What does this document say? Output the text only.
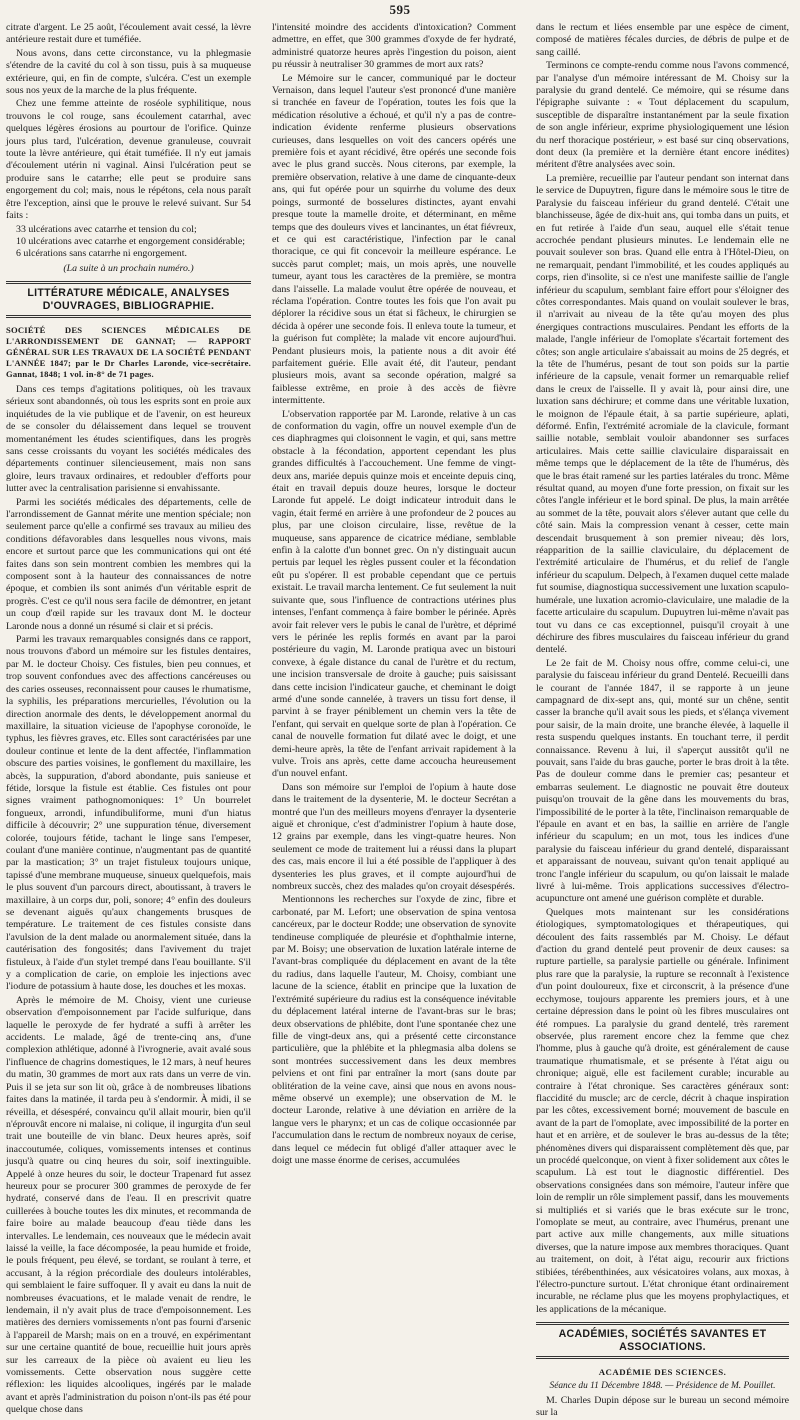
595

citrate d'argent. Le 25 août, l'écoulement avait cessé, la lèvre antérieure restait dure et tuméfiée.

Nous avons, dans cette circonstance, vu la phlegmasie s'étendre de la cavité du col à son tissu, puis à sa muqueuse extérieure, qui, en fin de compte, s'ulcéra. C'est un exemple sous nos yeux de la marche de la plus fréquente.

Chez une femme atteinte de roséole syphilitique, nous trouvons le col rouge, sans écoulement catarrhal, avec quelques légères érosions au pourtour de l'orifice. Quinze jours plus tard, l'ulcération, devenue granuleuse, couvrait toute la lèvre antérieure, qui était tuméfiée. Il n'y eut jamais d'écoulement utérin ni vaginal. Ainsi l'ulcération peut se produire sans le catarrhe; elle peut se produire sans engorgement du col; mais, nous le répétons, cela nous paraît être l'exception, ainsi que le prouve le relevé suivant. Sur 54 faits :

33 ulcérations avec catarrhe et tension du col;
10 ulcérations avec catarrhe et engorgement considérable;
6 ulcérations sans catarrhe ni engorgement.
(La suite à un prochain numéro.)
LITTÉRATURE MÉDICALE, ANALYSES D'OUVRAGES, BIBLIOGRAPHIE.

SOCIÉTÉ DES SCIENCES MÉDICALES DE L'ARRONDISSEMENT DE GANNAT; — RAPPORT GÉNÉRAL SUR LES TRAVAUX DE LA SOCIÉTÉ PENDANT L'ANNÉE 1847; par le Dr Charles Laronde, vice-secrétaire. Gannat, 1848; 1 vol. in-8° de 71 pages.

Dans ces temps d'agitations politiques, où les travaux sérieux sont abandonnés, où tous les esprits sont en proie aux inquiétudes de la vie publique et de l'avenir, on est heureux de se consoler du délaissement dans lequel se trouvent momentanément les études scientifiques, dans les progrès sans cesse croissants du voyant les sociétés médicales des départements continuer silencieusement, mais non sans gloire, leurs travaux ordinaires, et redoubler d'efforts pour lutter avec la centralisation parisienne si envahissante.

Parmi les sociétés médicales des départements, celle de l'arrondissement de Gannat mérite une mention spéciale; non seulement parce qu'elle a confirmé ses travaux au milieu des conditions défavorables dans lesquelles nous vivons, mais encore et surtout parce que les communications qui ont été faites dans son sein montrent combien les membres qui la composent sont à la hauteur des connaissances de notre époque, et combien ils sont animés d'un véritable esprit de progrès. C'est ce qu'il nous sera facile de démontrer, en jetant un coup d'œil rapide sur les travaux dont M. le docteur Laronde nous a donné un résumé si clair et si précis.

Parmi les travaux remarquables consignés dans ce rapport, nous trouvons d'abord un mémoire sur les fistules dentaires, par M. le docteur Choisy. Ces fistules, bien peu connues, et trop souvent confondues avec des affections cancéreuses ou des caries osseuses, reconnaissent pour causes le rhumatisme, la syphilis, les préparations mercurielles, l'évolution ou la direction anormale des dents, le développement anormal du maxillaire, la situation vicieuse de l'apophyse coronoïde, le typhus, les fièvres graves, etc. Elles sont caractérisées par une douleur continue et lente de la dent affectée, l'inflammation obscure des parties voisines, le gonflement du maxillaire, les abcès, la suppuration, d'abord abondante, puis sanieuse et fétide, lorsque la fistule est établie. Ces fistules ont pour signes vraiment pathognomoniques: 1° Un bourrelet fongueux, arrondi, infundibuliforme, muni d'un hiatus difficile à découvrir; 2° une suppuration ténue, diversement colorée, toujours fétide, tachant le linge sans l'empeser, coulant d'une manière continue, n'augmentant pas de quantité par la mastication; 3° un trajet fistuleux toujours unique, tapissé d'une membrane muqueuse, sinueux quelquefois, mais le plus souvent d'un parcours direct, aboutissant, à travers le maxillaire, à un corps dur, poli, sonore; 4° enfin des douleurs se devenant aiguës qu'aux changements brusques de température. Le traitement de ces fistules consiste dans l'avulsion de la dent malade ou anormalement située, dans la cautérisation des fongosités; dans l'avivement du trajet fistuleux, à l'aide d'un stylet trempé dans l'eau bouillante. S'il y a complication de carie, on emploie les injections avec l'iodure de potassium à haute dose, les douches et les moxas.

Après le mémoire de M. Choisy, vient une curieuse observation d'empoisonnement par l'acide sulfurique, dans laquelle le peroxyde de fer hydraté a suffi à arrêter les accidents. Le malade, âgé de trente-cinq ans, d'une complexion athlétique, adonné à l'ivrognerie, avait avalé sous l'influence de chagrins domestiques, le 12 mars, à neuf heures du matin, 30 grammes de mort aux rats dans un verre de vin. Puis il se jeta sur son lit où, grâce à de nombreuses libations faites dans la matinée, il tarda peu à s'endormir. À midi, il se réveilla, et désespéré, convaincu qu'il allait mourir, bien qu'il n'éprouvât encore ni malaise, ni colique, il ingurgita d'un seul trait une bouteille de vin blanc. Deux heures après, soif inaccoutumée, coliques, vomissements intenses et continus jusqu'à quatre ou cinq heures du soir, soif inextinguible. Appelé à onze heures du soir, le docteur Trapenard fut assez heureux pour se procurer 300 grammes de peroxyde de fer hydraté, conservé dans de l'eau. Il en prescrivit quatre cuillerées à bouche toutes les dix minutes, et recommanda de faire boire au malade beaucoup d'eau tiède dans les intervalles. Le lendemain, ces nouveaux que le médecin avait laissé la veille, la face décomposée, la peau humide et froide, le pouls fréquent, peu élevé, se tordant, se roulant à terre, et accusant, à la région précordiale des douleurs intolérables, qui semblaient le faire suffoquer. Il y avait eu dans la nuit de nombreuses évacuations, et le malade venait de rendre, le lendemain, il n'y avait plus de trace d'empoisonnement. Les matières des derniers vomissements n'ont pas fourni d'arsenic à l'appareil de Marsh; mais on en a trouvé, en expérimentant sur une certaine quantité de boue, recueillie huit jours après sur les carreaux de la pièce où avaient eu lieu les vomissements. Cette observation nous suggère cette réflexion: les liquides alcooliques, ingérés par le malade avant et après l'administration du poison n'ont-ils pas été pour quelque chose dans

l'intensité moindre des accidents d'intoxication? Comment admettre, en effet, que 300 grammes d'oxyde de fer hydraté, administré quatorze heures après l'ingestion du poison, aient pu réussir à neutraliser 30 grammes de mort aux rats?

Le Mémoire sur le cancer, communiqué par le docteur Vernaison, dans lequel l'auteur s'est prononcé d'une manière si tranchée en faveur de l'opération, toutes les fois que la médication résolutive a échoué, et qu'il n'y a pas de contre-indication évidente renferme plusieurs observations curieuses, dans lesquelles on voit des cancers opérés une première fois et ayant récidivé, être opérés une seconde fois avec le plus grand succès. Nous citerons, par exemple, la première observation, relative à une dame de cinquante-deux ans, qui fut opérée pour un squirrhe du volume des deux poings, surmonté de bosselures distinctes, ayant envahi presque toute la mamelle droite, et déterminant, en même temps que des douleurs vives et lancinantes, un état fiévreux, et ce qui est caractéristique, l'infection par le canal thoracique, ce qui fit concevoir la meilleure espérance. Le succès parut complet; mais, un mois après, une nouvelle tumeur, ayant tous les caractères de la première, se montra dans l'aisselle. La malade voulut être opérée de nouveau, et réclama l'opération. Contre toutes les fois que l'on avait pu déplorer la récidive sous un état si fâcheux, le chirurgien se décida à opérer une seconde fois. Il enleva toute la tumeur, et la guérison fut complète; la malade vit encore aujourd'hui. Pendant plusieurs mois, la patiente nous a dit avoir été parfaitement guérie. Elle avait été, dit l'auteur, pendant plusieurs mois, avant sa seconde opération, malgré sa faiblesse extrême, en proie à des accès de fièvre intermittente.

L'observation rapportée par M. Laronde, relative à un cas de conformation du vagin, offre un nouvel exemple d'un de ces diaphragmes qui cloisonnent le vagin, et qui, sans mettre obstacle à la fécondation, apportent cependant les plus grandes difficultés à l'accouchement. Une femme de vingt-deux ans, mariée depuis quinze mois et enceinte depuis cinq, était en travail depuis douze heures, lorsque le docteur Laronde fut appelé. Le doigt indicateur introduit dans le vagin, était fermé en arrière à une profondeur de 2 pouces au plus, par une cloison circulaire, lisse, revêtue de la muqueuse, sans apparence de cicatrice médiane, semblable enfin à la calotte d'un bonnet grec. On n'y distinguait aucun pertuis par lequel les règles pussent couler et la fécondation eût pu s'opérer. Il est probable cependant que ce pertuis existait. Le travail marcha lentement. Ce fut seulement la nuit suivante que, sous l'influence de contractions utérines plus intenses, l'enfant commença à faire bomber le périnée. Après avoir fait relever vers le pubis le canal de l'urètre, et déprimé vers le périnée les replis formés en avant par la paroi postérieure du vagin, M. Laronde pratiqua avec un bistouri convexe, à égale distance du canal de l'urètre et du rectum, une incision transversale de droite à gauche; puis saisissant dans cette incision l'indicateur gauche, et cheminant le doigt armé d'une sonde cannelée, à travers un tissu fort dense, il parvint à se frayer péniblement un chemin vers la tête de l'enfant, qui servait en quelque sorte de plan à l'opération. Ce canal de nouvelle formation fut dilaté avec le doigt, et une demi-heure après, la tête de l'enfant arrivait rapidement à la vulve. Trois ans après, cette dame accoucha heureusement d'un nouvel enfant.

Dans son mémoire sur l'emploi de l'opium à haute dose dans le traitement de la dysenterie, M. le docteur Secrétan a montré que l'un des meilleurs moyens d'enrayer la dysenterie aiguë et chronique, c'est d'administrer l'opium à haute dose, 12 grains par exemple, dans les vingt-quatre heures. Non seulement ce mode de traitement lui a réussi dans la plupart des cas, mais encore il lui a été possible de l'appliquer à des dysenteries les plus graves, et il compte aujourd'hui de nombreux succès, chez des malades qu'on croyait désespérés.

Mentionnons les recherches sur l'oxyde de zinc, fibre et carbonaté, par M. Lefort; une observation de spina ventosa cancéreux, par le docteur Rodde; une observation de synovite tendineuse compliquée de pleurésie et d'ophthalmie interne, par M. Boisy; une observation de luxation latérale interne de l'avant-bras compliquée du déplacement en avant de la tête du radius, dans laquelle l'auteur, M. Choisy, combiant une lacune de la science, établit en principe que la luxation de l'extrémité supérieure du radius est la conséquence inévitable du déplacement latéral interne de l'avant-bras sur le bras; deux observations de phlébite, dont l'une spontanée chez une fille de vingt-deux ans, qui a présenté cette circonstance particulière, que la phlébite et la phlegmasia alba dolens se sont montrées successivement dans les deux membres pelviens et ont fini par entraîner la mort (sans doute par oblitération de la veine cave, ainsi que nous en avons nous-même observé un exemple); une observation de M. le docteur Laronde, relative à une déviation en arrière de la langue vers le pharynx; et un cas de colique occasionnée par l'accumulation dans le rectum de nombreux noyaux de cerise, dans lequel ce médecin fut obligé d'aller attaquer avec le doigt une masse énorme de cerises, accumulées

dans le rectum et liées ensemble par une espèce de ciment, composé de matières fécales durcies, de débris de pulpe et de sang caillé.

Terminons ce compte-rendu comme nous l'avons commencé, par l'analyse d'un mémoire intéressant de M. Choisy sur la paralysie du grand dentelé. Ce mémoire, qui se résume dans l'épigraphe suivante : « Tout déplacement du scapulum, susceptible de disparaître instantanément par la seule fixation de son angle inférieur, exprime physiologiquement une lésion du nerf thoracique postérieur, » est basé sur cinq observations, dont deux (la première et la dernière étant encore inédites) méritent d'être analysées avec soin.

La première, recueillie par l'auteur pendant son internat dans le service de Dupuytren, figure dans le mémoire sous le titre de Paralysie du faisceau inférieur du grand dentelé. C'était une blanchisseuse, âgée de dix-huit ans, qui tomba dans un puits, et en fut retirée à l'aide d'un seau, auquel elle s'était tenue accrochée pendant plusieurs minutes. Le lendemain elle ne pouvait soulever son bras. Quand elle entra à l'Hôtel-Dieu, on ne remarquait, pendant l'immobilité, et les coudes appliqués au corps, rien d'insolite, si ce n'est une manifeste saillie de l'angle inférieur du scapulum, semblant faire effort pour s'éloigner des côtes correspondantes. Mais quand on voulait soulever le bras, il n'arrivait au niveau de la tête qu'au moyen des plus énergiques contractions musculaires. Pendant les efforts de la malade, l'angle inférieur de l'omoplate s'écartait fortement des côtes; son angle articulaire s'abaissait au moins de 25 degrés, et la tête de l'humérus, pesant de tout son poids sur la partie inférieure de la capsule, venait former un remarquable relief dans le creux de l'aisselle. Il y avait là, pour ainsi dire, une luxation sans déchirure; et comme dans une véritable luxation, le moignon de l'épaule était, à sa partie supérieure, aplati, déformé. Enfin, l'extrémité acromiale de la clavicule, formant saillie notable, semblait vouloir abandonner ses surfaces articulaires. Mais cette saillie claviculaire disparaissait en même temps que le déplacement de la tête de l'humérus, dès que le bras était ramené sur les parties latérales du tronc. Même résultat quand, au moyen d'une forte pression, on fixait sur les côtes l'angle inférieur et le bord spinal. De plus, la main arrêtée au sommet de la tête, pouvait alors s'élever autant que celle du côté sain. Mais la compression venant à cesser, cette main descendait brusquement à son premier niveau; dès lors, réapparition de la saillie claviculaire, du déplacement de l'extrémité articulaire de l'humérus, et du relief de l'angle inférieur du scapulum. Delpech, à l'examen duquel cette malade fut soumise, diagnostiqua successivement une luxation scapulo-humérale, une luxation acromio-claviculaire, une maladie de la facette articulaire du scapulum. Dupuytren lui-même n'avait pas tout vu dans ce cas exceptionnel, puisqu'il croyait à une déchirure des fibres musculaires du faisceau inférieur du grand dentelé.

Le 2e fait de M. Choisy nous offre, comme celui-ci, une paralysie du faisceau inférieur du grand Dentelé. Recueilli dans le courant de l'année 1847, il se rapporte à un jeune campagnard de dix-sept ans, qui, monté sur un chêne, sentit casser la branche qu'il avait sous les pieds, et s'élança vivement pour saisir, de la main droite, une branche élevée, à laquelle il resta suspendu quelques instants. En touchant terre, il perdit connaissance. Revenu à lui, il s'aperçut aussitôt qu'il ne pouvait, sans l'aide du bras gauche, porter le bras droit à la tête. Pas de douleur comme dans le premier cas; pesanteur et embarras seulement. Le diagnostic ne pouvait être douteux puisqu'on trouvait de la gêne dans les mouvements du bras, l'impossibilité de le porter à la tête, l'inclinaison remarquable de l'épaule en avant et en bas, la saillie en arrière de l'angle inférieur du scapulum; en un mot, tous les indices d'une paralysie du faisceau inférieur du grand dentelé, disparaissant et apparaissant de nouveau, suivant qu'on tenait appliqué au tronc l'angle inférieur du scapulum, ou qu'on laissait le malade livré à lui-même. Trois applications successives d'électro-acupuncture ont amené une guérison complète et durable.

Quelques mots maintenant sur les considérations étiologiques, symptomatologiques et thérapeutiques, qui découlent des faits rassemblés par M. Choisy. Le défaut d'action du grand dentelé peut provenir de deux causes: sa rupture partielle, sa paralysie partielle ou générale. Infiniment plus rare que la paralysie, la rupture se reconnaît à l'existence d'un point douloureux, fixe et circonscrit, à la présence d'une ecchymose, toujours apparente les premiers jours, et à une certaine dépression dans le point où les fibres musculaires ont été rompues. La paralysie du grand dentelé, très rarement observée, plus rarement encore chez la femme que chez l'homme, plus à gauche qu'à droite, est généralement de cause traumatique rhumatismale, et se présente à l'état aigu ou chronique; aiguë, elle est facilement curable; incurable au contraire à l'état chronique. Ses caractères généraux sont: flaccidité du muscle; arc de cercle, décrit à chaque inspiration par les côtes, excessivement borné; mouvement de bascule en avant de la part de l'omoplate, avec impossibilité de la porter en haut et en arrière, et de soulever le bras au-dessus de la tête; phénomènes divers qui disparaissent complètement dès que, par un procédé quelconque, on vient à fixer solidement aux côtes le scapulum. Là est tout le diagnostic différentiel. Des observations consignées dans son mémoire, l'auteur infère que loin de remplir un rôle simplement passif, dans les mouvements si multipliés et si variés que le bras exécute sur le tronc, l'omoplate se meut, au contraire, avec l'humérus, prenant une part active aux mille changements, aux mille situations diverses, que la nature impose aux membres thoraciques. Quant au traitement, on doit, à l'état aigu, recourir aux frictions stibiées, térébenthinées, aux vésicatoires volans, aux moxas, à l'électro-puncture surtout. L'état chronique étant ordinairement incurable, ne réclame plus que les moyens prophylactiques, et les applications de la mécanique.

ACADÉMIES, SOCIÉTÉS SAVANTES ET ASSOCIATIONS.
ACADÉMIE DES SCIENCES.
Séance du 11 Décembre 1848. — Présidence de M. Pouillet.

M. Charles Dupin dépose sur le bureau un second mémoire sur la
